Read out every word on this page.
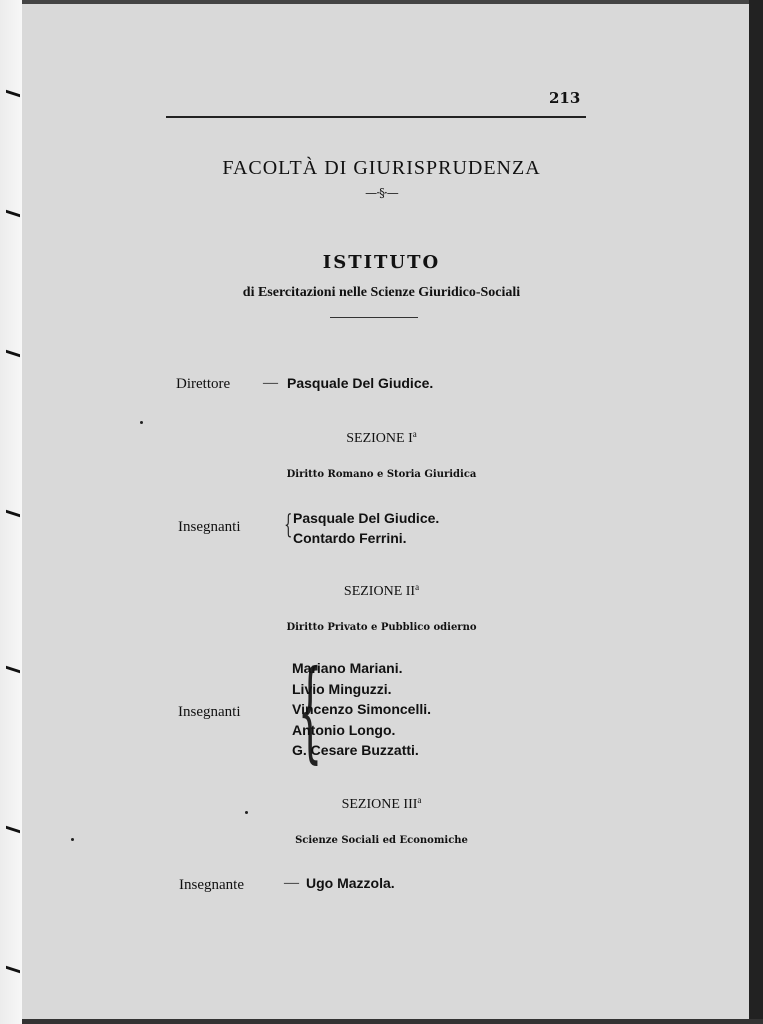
213
FACOLTÀ DI GIURISPRUDENZA
—·§·—
ISTITUTO
di Esercitazioni nelle Scienze Giuridico-Sociali
Direttore — Pasquale Del Giudice.
SEZIONE $I^a$
Diritto Romano e Storia Giuridica
Insegnanti { Pasquale Del Giudice.
Contardo Ferrini.
SEZIONE $II^a$
Diritto Privato e Pubblico odierno
Insegnanti {
Mariano Mariani.
Livio Minguzzi.
Vincenzo Simoncelli.
Antonio Longo.
G. Cesare Buzzatti.
SEZIONE III$^a$
Scienze Sociali ed Economiche
Insegnante	— Ugo Mazzola.
